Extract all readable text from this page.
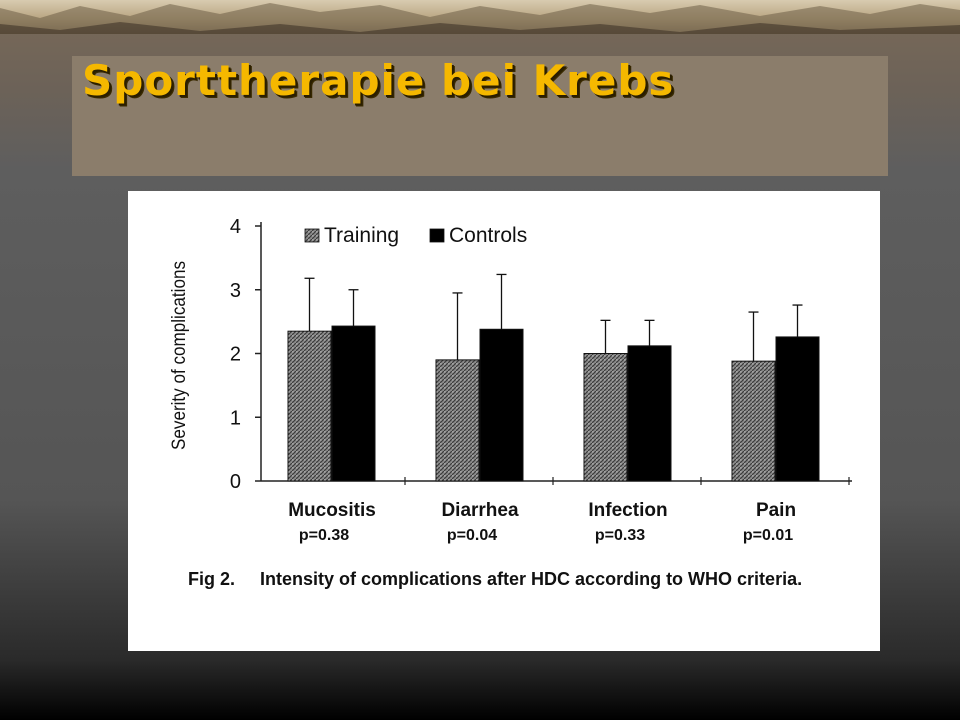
Sporttherapie bei Krebs
0
1
2
3
4
Severity of complications
Mucositis
p=0.38
Diarrhea
p=0.04
Infection
p=0.33
Pain
p=0.01
Training Controls
Fig 2. Intensity of complications after HDC according to WHO criteria.
